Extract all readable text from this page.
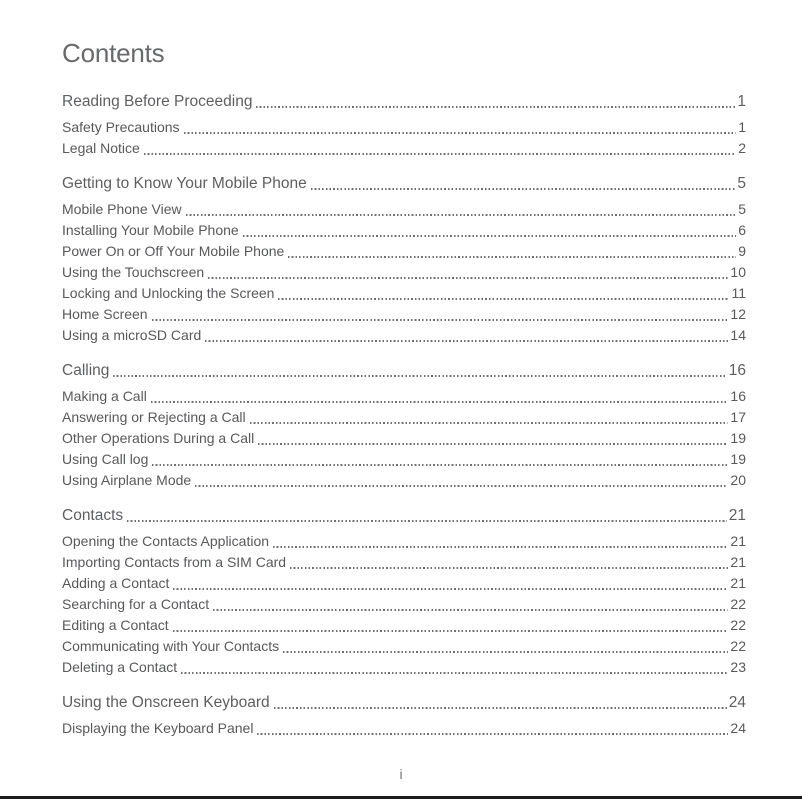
Contents
Reading Before Proceeding	1
Safety Precautions	1
Legal Notice	2
Getting to Know Your Mobile Phone	5
Mobile Phone View	5
Installing Your Mobile Phone	6
Power On or Off Your Mobile Phone	9
Using the Touchscreen	10
Locking and Unlocking the Screen	11
Home Screen	12
Using a microSD Card	14
Calling	16
Making a Call	16
Answering or Rejecting a Call	17
Other Operations During a Call	19
Using Call log	19
Using Airplane Mode	20
Contacts	21
Opening the Contacts Application	21
Importing Contacts from a SIM Card	21
Adding a Contact	21
Searching for a Contact	22
Editing a Contact	22
Communicating with Your Contacts	22
Deleting a Contact	23
Using the Onscreen Keyboard	24
Displaying the Keyboard Panel	24
i
